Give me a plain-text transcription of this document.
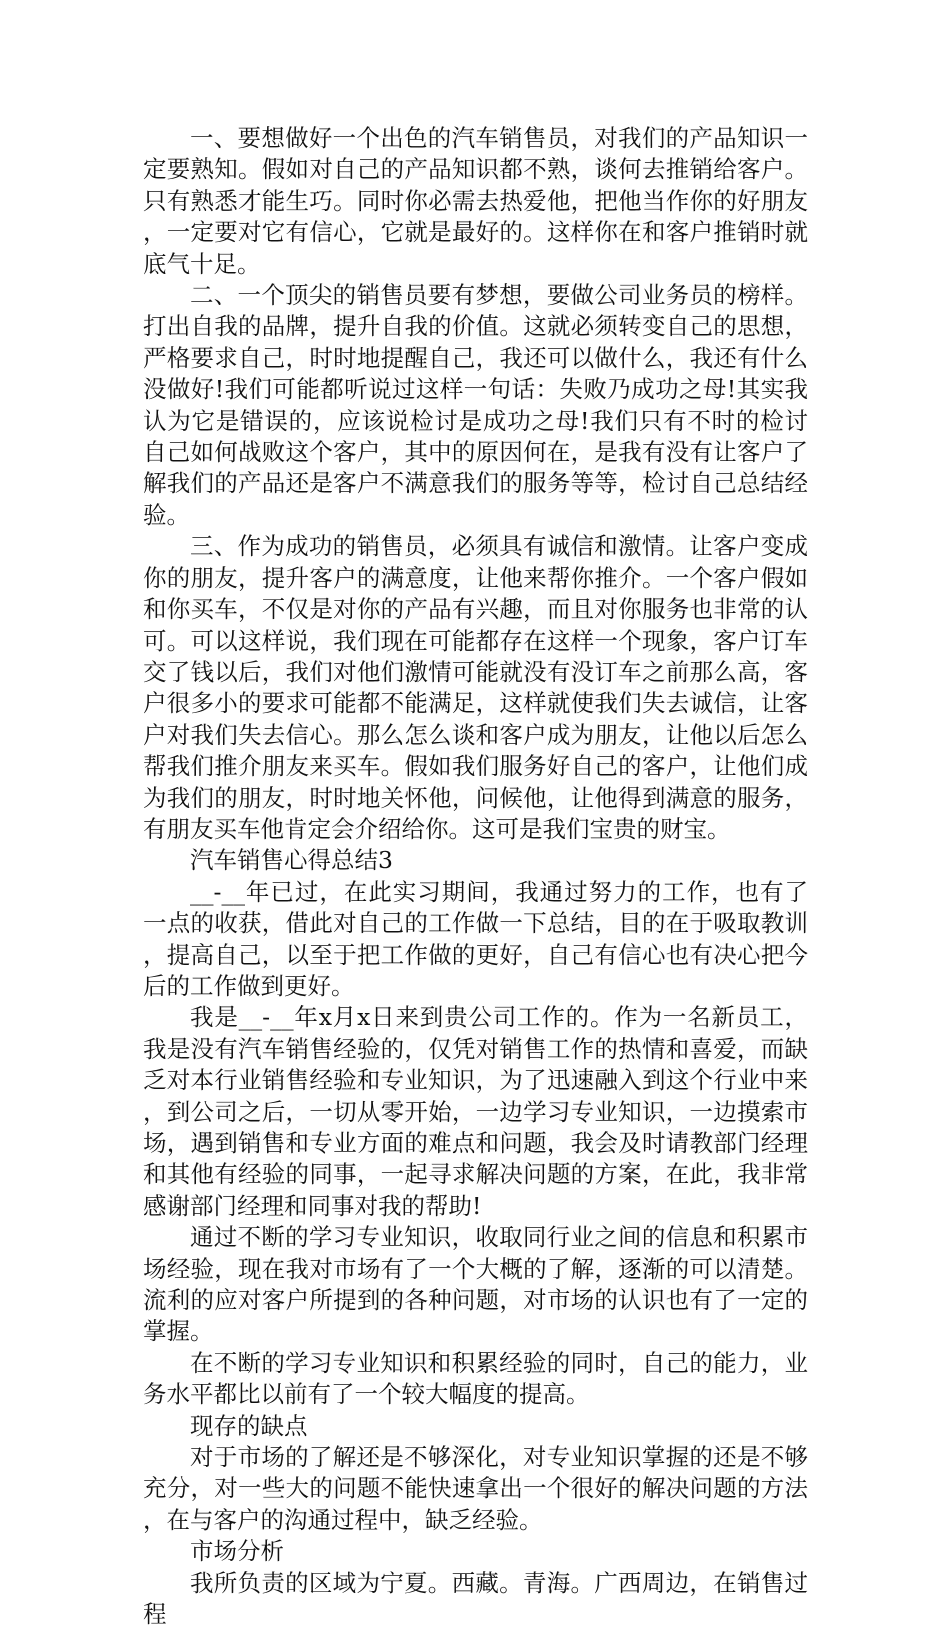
一、要想做好一个出色的汽车销售员，对我们的产品知识一定要熟知。假如对自己的产品知识都不熟，谈何去推销给客户。只有熟悉才能生巧。同时你必需去热爱他，把他当作你的好朋友，一定要对它有信心，它就是最好的。这样你在和客户推销时就底气十足。

二、一个顶尖的销售员要有梦想，要做公司业务员的榜样。打出自我的品牌，提升自我的价值。这就必须转变自己的思想，严格要求自己，时时地提醒自己，我还可以做什么，我还有什么没做好!我们可能都听说过这样一句话：失败乃成功之母!其实我认为它是错误的，应该说检讨是成功之母!我们只有不时的检讨自己如何战败这个客户，其中的原因何在，是我有没有让客户了解我们的产品还是客户不满意我们的服务等等，检讨自己总结经验。

三、作为成功的销售员，必须具有诚信和激情。让客户变成你的朋友，提升客户的满意度，让他来帮你推介。一个客户假如和你买车，不仅是对你的产品有兴趣，而且对你服务也非常的认可。可以这样说，我们现在可能都存在这样一个现象，客户订车交了钱以后，我们对他们激情可能就没有没订车之前那么高，客户很多小的要求可能都不能满足，这样就使我们失去诚信，让客户对我们失去信心。那么怎么谈和客户成为朋友，让他以后怎么帮我们推介朋友来买车。假如我们服务好自己的客户，让他们成为我们的朋友，时时地关怀他，问候他，让他得到满意的服务，有朋友买车他肯定会介绍给你。这可是我们宝贵的财宝。

汽车销售心得总结3

__-__年已过，在此实习期间，我通过努力的工作，也有了一点的收获，借此对自己的工作做一下总结，目的在于吸取教训，提高自己，以至于把工作做的更好，自己有信心也有决心把今后的工作做到更好。

我是__-__年x月x日来到贵公司工作的。作为一名新员工，我是没有汽车销售经验的，仅凭对销售工作的热情和喜爱，而缺乏对本行业销售经验和专业知识，为了迅速融入到这个行业中来，到公司之后，一切从零开始，一边学习专业知识，一边摸索市场，遇到销售和专业方面的难点和问题，我会及时请教部门经理和其他有经验的同事，一起寻求解决问题的方案，在此，我非常感谢部门经理和同事对我的帮助!

通过不断的学习专业知识，收取同行业之间的信息和积累市场经验，现在我对市场有了一个大概的了解，逐渐的可以清楚。流利的应对客户所提到的各种问题，对市场的认识也有了一定的掌握。

在不断的学习专业知识和积累经验的同时，自己的能力，业务水平都比以前有了一个较大幅度的提高。

现存的缺点

对于市场的了解还是不够深化，对专业知识掌握的还是不够充分，对一些大的问题不能快速拿出一个很好的解决问题的方法，在与客户的沟通过程中，缺乏经验。

市场分析

我所负责的区域为宁夏。西藏。青海。广西周边，在销售过程
